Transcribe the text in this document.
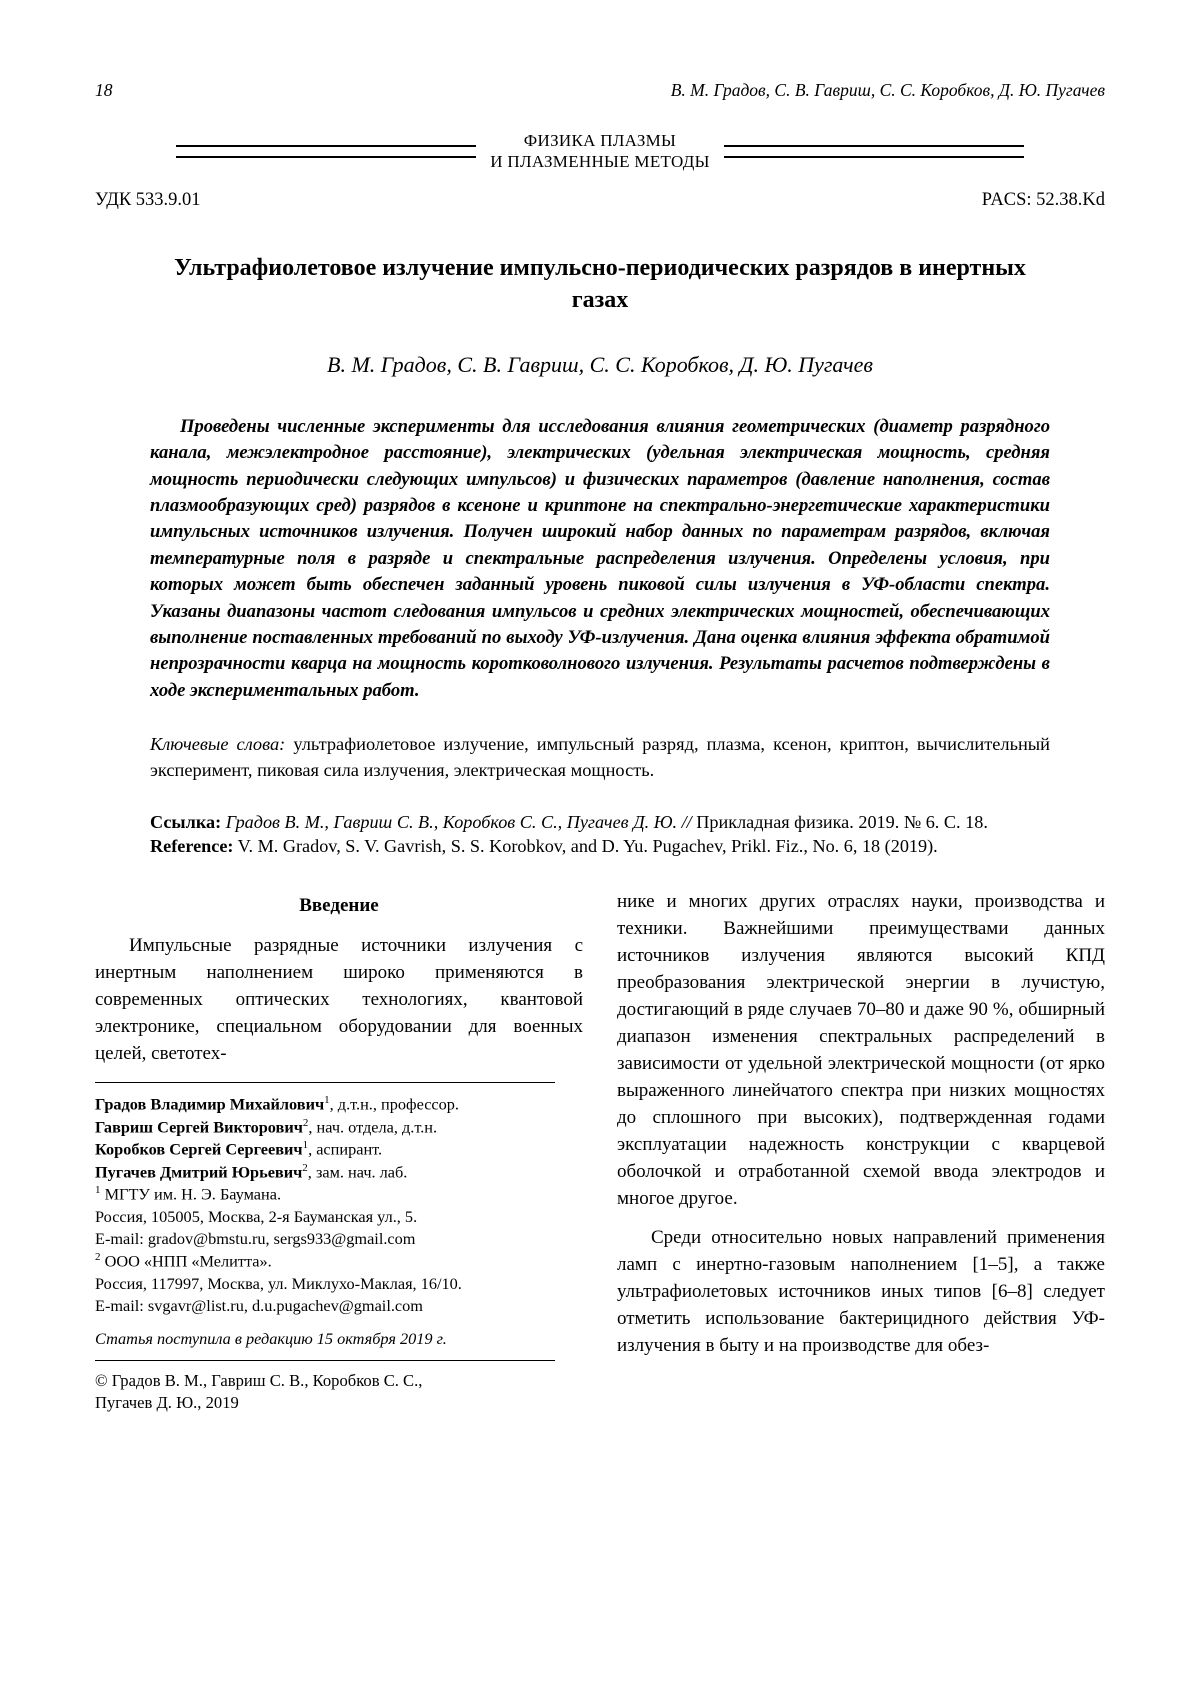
18	В. М. Градов, С. В. Гавриш, С. С. Коробков, Д. Ю. Пугачев
ФИЗИКА ПЛАЗМЫ
И ПЛАЗМЕННЫЕ МЕТОДЫ
УДК 533.9.01	PACS: 52.38.Kd
Ультрафиолетовое излучение импульсно-периодических разрядов в инертных газах
В. М. Градов, С. В. Гавриш, С. С. Коробков, Д. Ю. Пугачев
Проведены численные эксперименты для исследования влияния геометрических (диаметр разрядного канала, межэлектродное расстояние), электрических (удельная электрическая мощность, средняя мощность периодически следующих импульсов) и физических параметров (давление наполнения, состав плазмообразующих сред) разрядов в ксеноне и криптоне на спектрально-энергетические характеристики импульсных источников излучения. Получен широкий набор данных по параметрам разрядов, включая температурные поля в разряде и спектральные распределения излучения. Определены условия, при которых может быть обеспечен заданный уровень пиковой силы излучения в УФ-области спектра. Указаны диапазоны частот следования импульсов и средних электрических мощностей, обеспечивающих выполнение поставленных требований по выходу УФ-излучения. Дана оценка влияния эффекта обратимой непрозрачности кварца на мощность коротковолнового излучения. Результаты расчетов подтверждены в ходе экспериментальных работ.
Ключевые слова: ультрафиолетовое излучение, импульсный разряд, плазма, ксенон, криптон, вычислительный эксперимент, пиковая сила излучения, электрическая мощность.
Ссылка: Градов В. М., Гавриш С. В., Коробков С. С., Пугачев Д. Ю. // Прикладная физика. 2019. № 6. С. 18.
Reference: V. M. Gradov, S. V. Gavrish, S. S. Korobkov, and D. Yu. Pugachev, Prikl. Fiz., No. 6, 18 (2019).
Введение

Импульсные разрядные источники излучения с инертным наполнением широко применяются в современных оптических технологиях, квантовой электронике, специальном оборудовании для военных целей, светотех-

Градов Владимир Михайлович$^1$, д.т.н., профессор.
Гавриш Сергей Викторович$^2$, нач. отдела, д.т.н.
Коробков Сергей Сергеевич$^1$, аспирант.
Пугачев Дмитрий Юрьевич$^2$, зам. нач. лаб.
$^1$ МГТУ им. Н. Э. Баумана.
Россия, 105005, Москва, 2-я Бауманская ул., 5.
E-mail: gradov@bmstu.ru, sergs933@gmail.com
$^2$ ООО «НПП «Мелитта».
Россия, 117997, Москва, ул. Миклухо-Маклая, 16/10.
E-mail: svgavr@list.ru, d.u.pugachev@gmail.com
Статья поступила в редакцию 15 октября 2019 г.
© Градов В. М., Гавриш С. В., Коробков С. С.,
Пугачев Д. Ю., 2019

нике и многих других отраслях науки, производства и техники. Важнейшими преимуществами данных источников излучения являются высокий КПД преобразования электрической энергии в лучистую, достигающий в ряде случаев 70–80 и даже 90 %, обширный диапазон изменения спектральных распределений в зависимости от удельной электрической мощности (от ярко выраженного линейчатого спектра при низких мощностях до сплошного при высоких), подтвержденная годами эксплуатации надежность конструкции с кварцевой оболочкой и отработанной схемой ввода электродов и многое другое.

Среди относительно новых направлений применения ламп с инертно-газовым наполнением [1–5], а также ультрафиолетовых источников иных типов [6–8] следует отметить использование бактерицидного действия УФ-излучения в быту и на производстве для обез-
